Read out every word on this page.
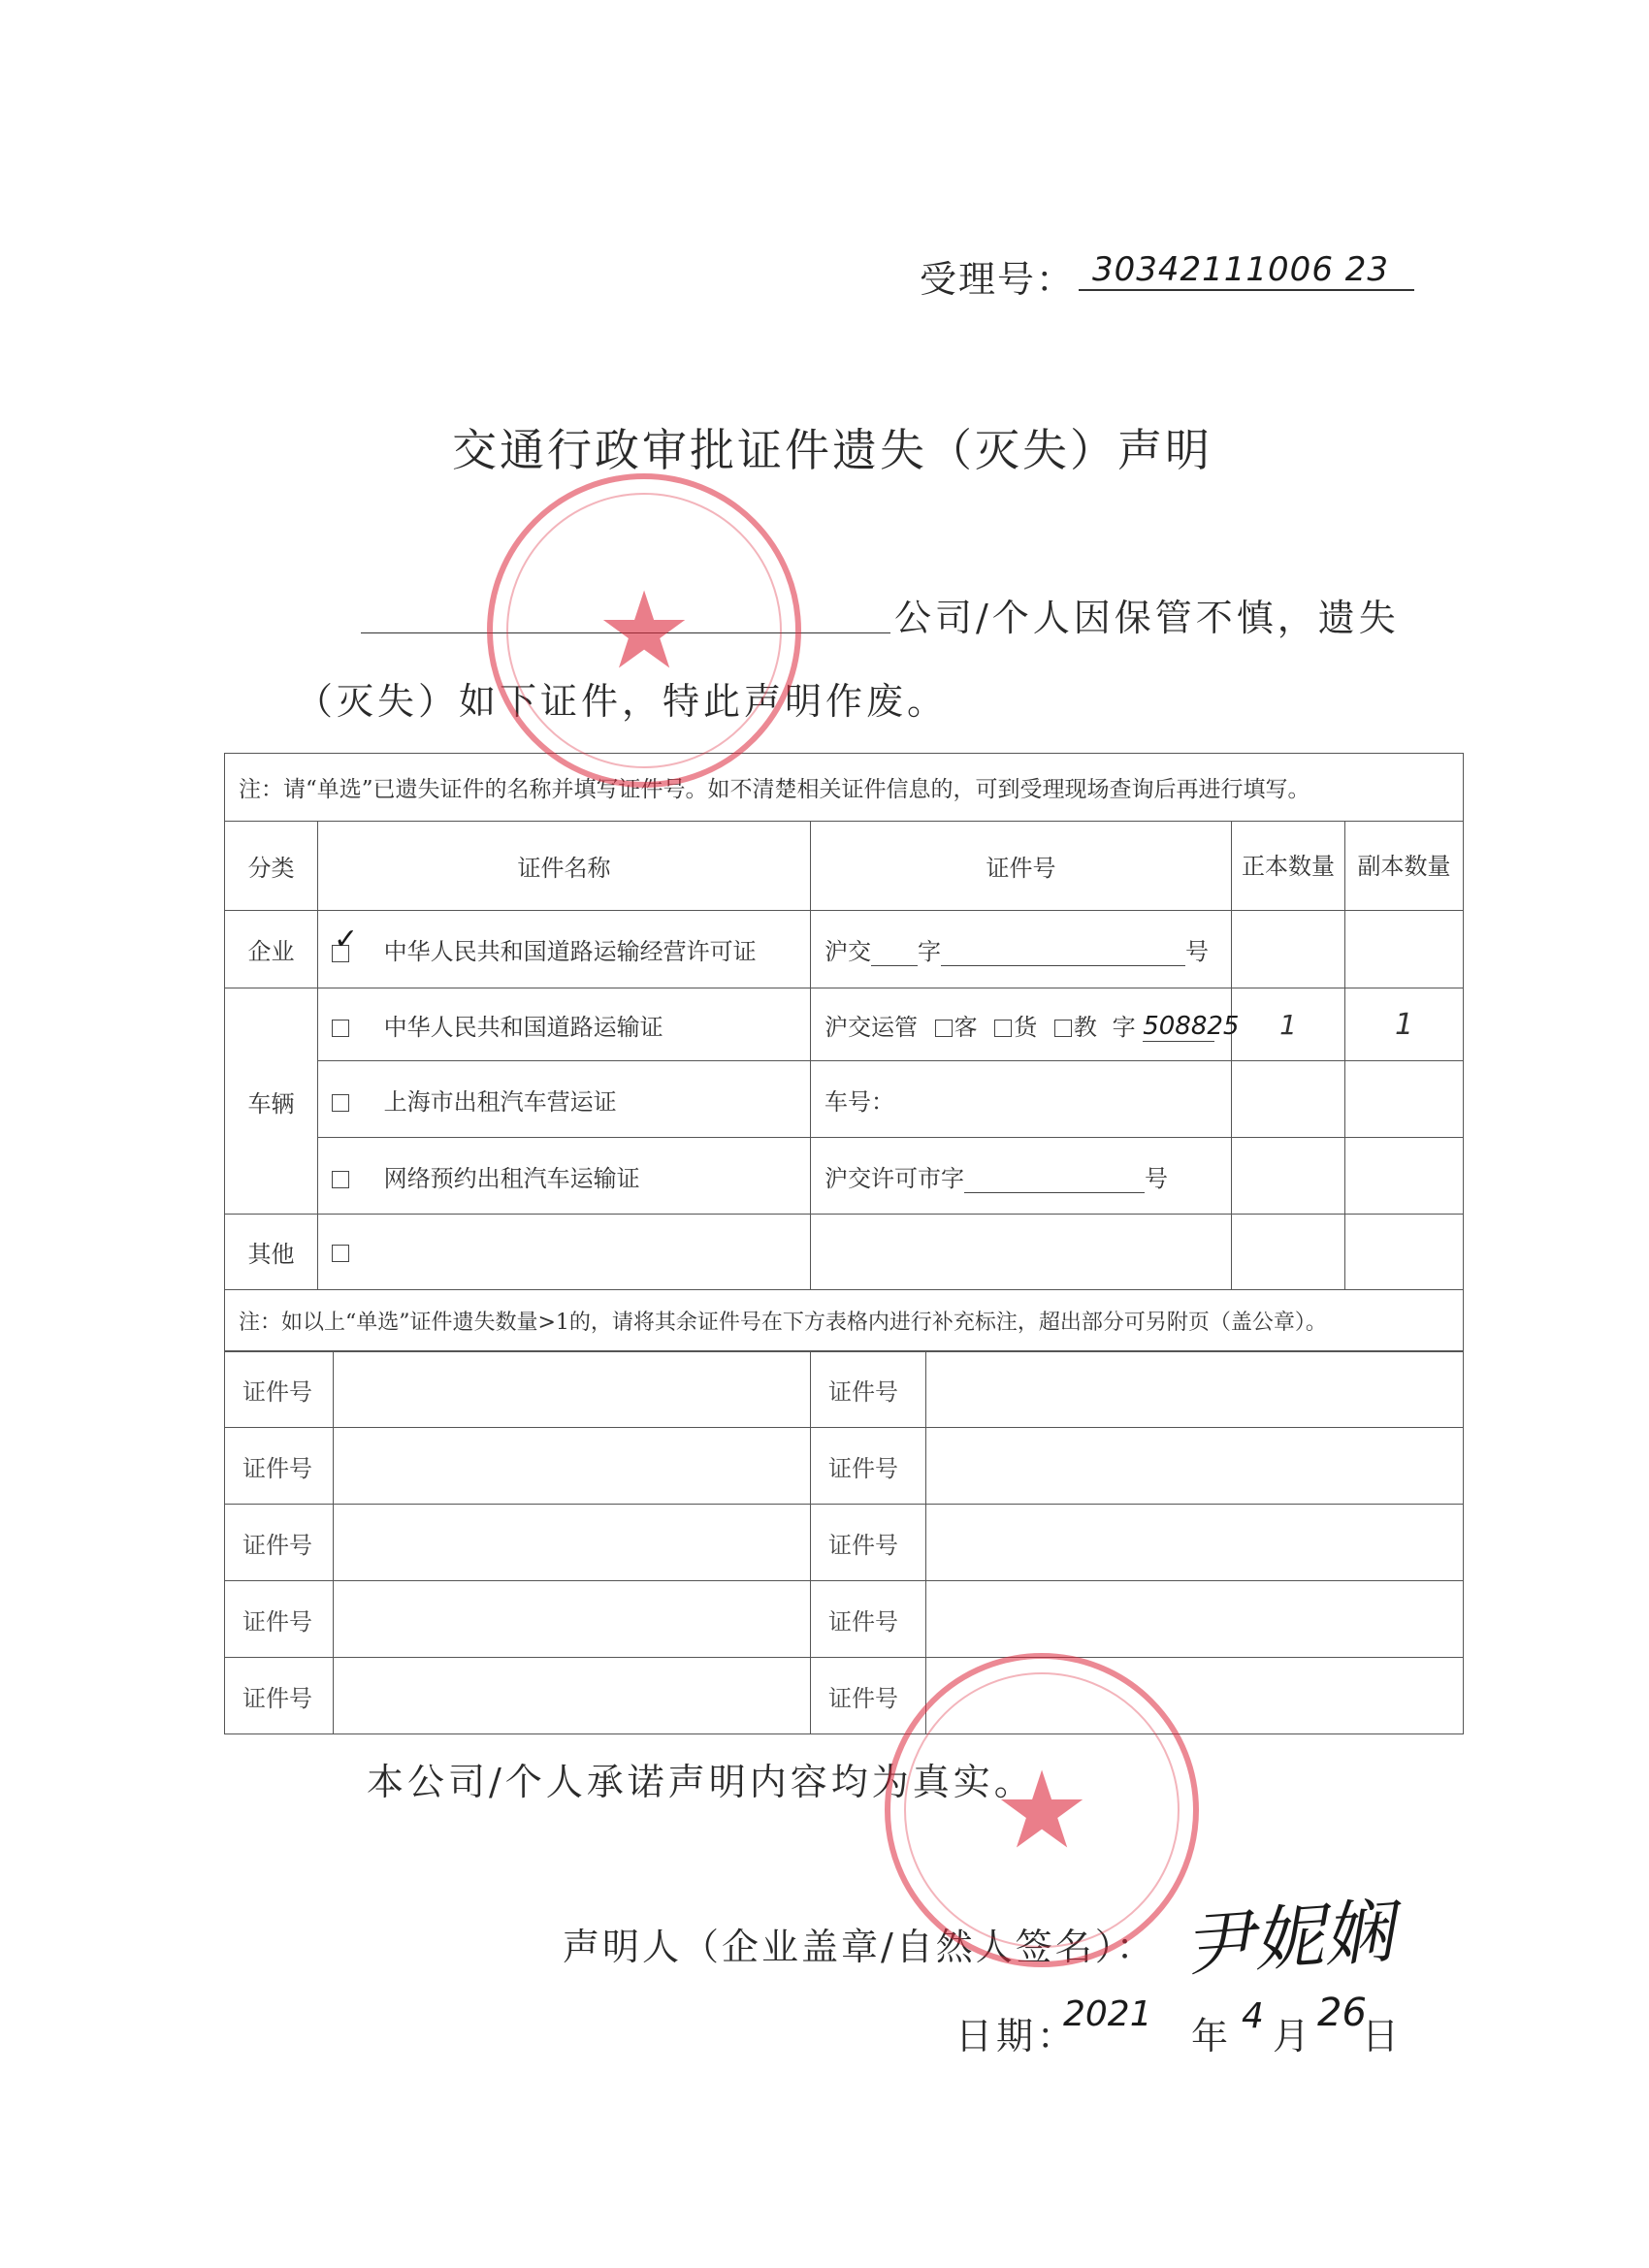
受理号： 30342111006 23
交通行政审批证件遗失（灭失）声明
公司/个人因保管不慎，遗失
（灭失）如下证件，特此声明作废。
注：请“单选”已遗失证件的名称并填写证件号。如不清楚相关证件信息的，可到受理现场查询后再进行填写。				
分类	证件名称	证件号	正本数量	副本数量
企业	✓ 中华人民共和国道路运输经营许可证	沪交 字 号		
车辆	中华人民共和国道路运输证	沪交运管 客 货 教 字 508825	1	1
	上海市出租汽车营运证	车号：		
	网络预约出租汽车运输证	沪交许可市字 号		
其他				
注：如以上“单选”证件遗失数量>1的，请将其余证件号在下方表格内进行补充标注，超出部分可另附页（盖公章）。				
证件号		证件号	
证件号		证件号	
证件号		证件号	
证件号		证件号	
证件号		证件号	
本公司/个人承诺声明内容均为真实。
声明人（企业盖章/自然人签名）： 尹妮娴
日期：
2021
年 4 月
26
日
★
★
